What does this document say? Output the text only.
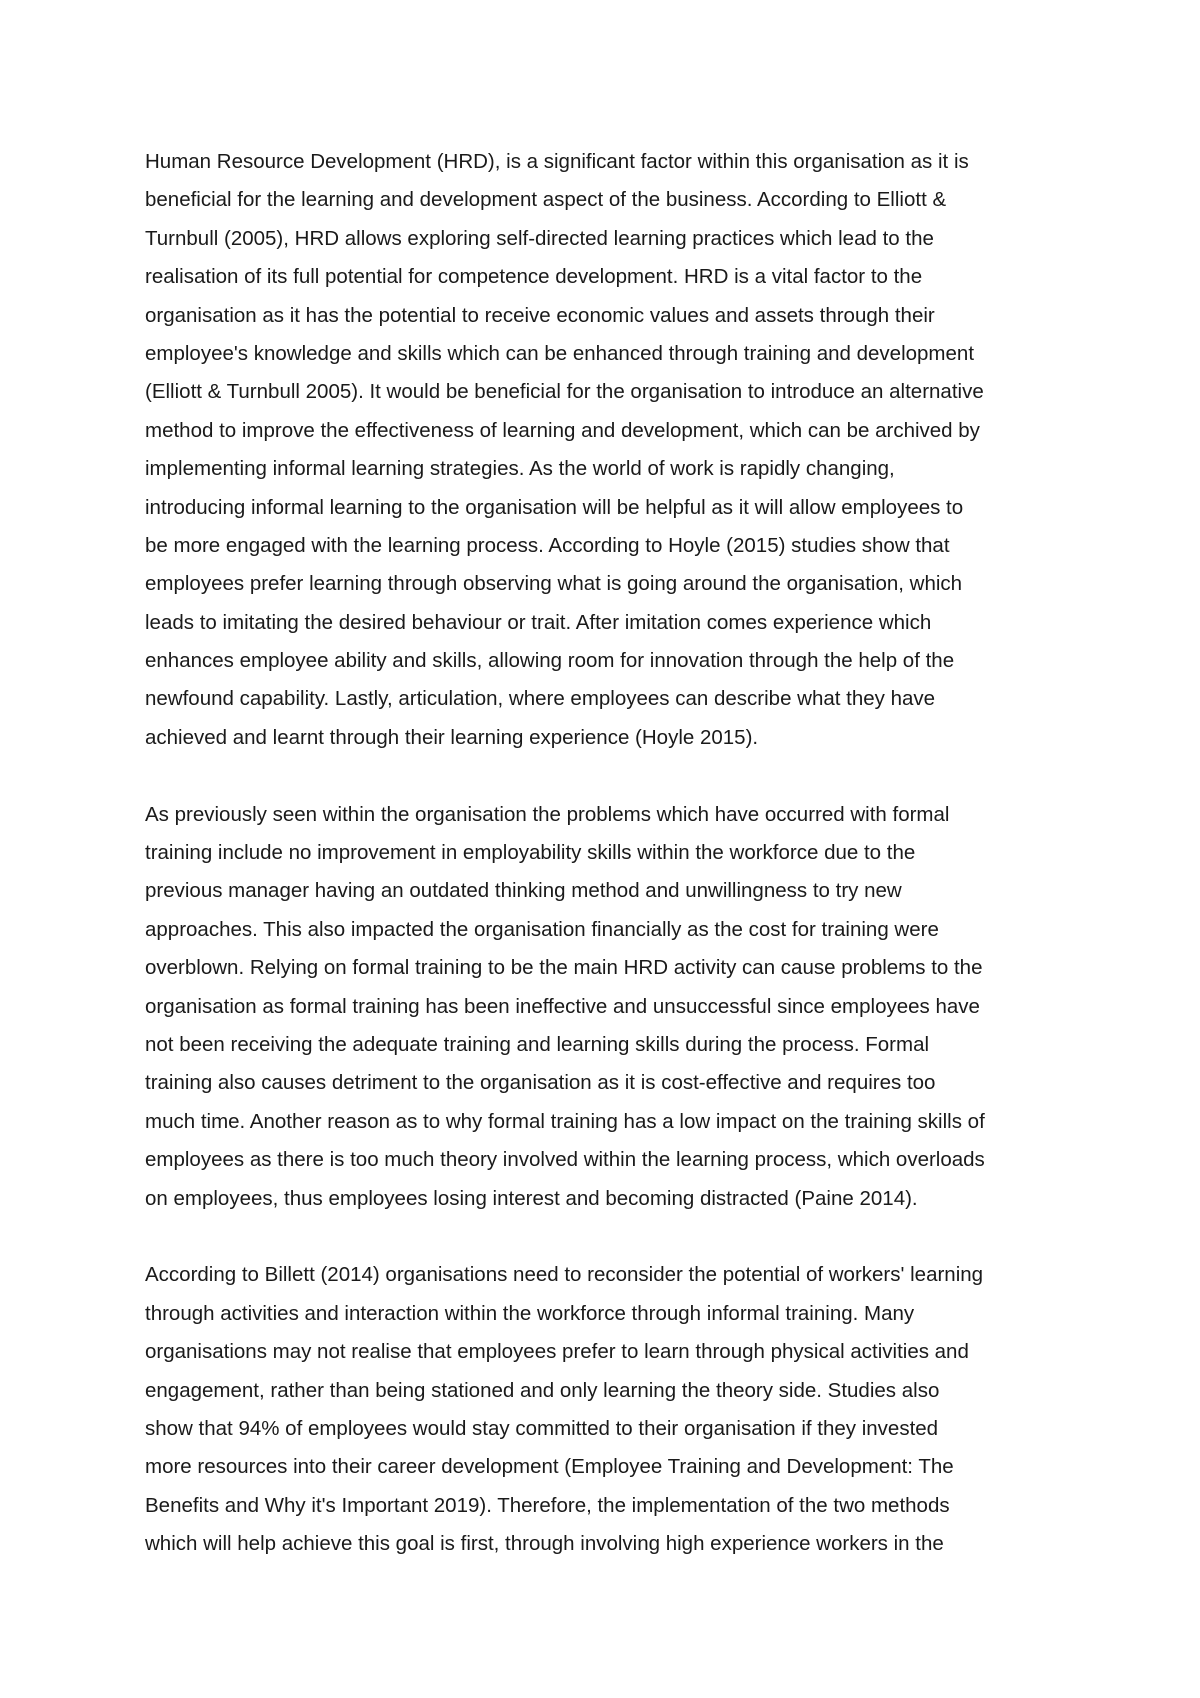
Human Resource Development (HRD), is a significant factor within this organisation as it is
beneficial for the learning and development aspect of the business. According to Elliott &
Turnbull (2005), HRD allows exploring self-directed learning practices which lead to the
realisation of its full potential for competence development. HRD is a vital factor to the
organisation as it has the potential to receive economic values and assets through their
employee's knowledge and skills which can be enhanced through training and development
(Elliott & Turnbull 2005). It would be beneficial for the organisation to introduce an alternative
method to improve the effectiveness of learning and development, which can be archived by
implementing informal learning strategies. As the world of work is rapidly changing,
introducing informal learning to the organisation will be helpful as it will allow employees to
be more engaged with the learning process. According to Hoyle (2015) studies show that
employees prefer learning through observing what is going around the organisation, which
leads to imitating the desired behaviour or trait. After imitation comes experience which
enhances employee ability and skills, allowing room for innovation through the help of the
newfound capability. Lastly, articulation, where employees can describe what they have
achieved and learnt through their learning experience (Hoyle 2015).
As previously seen within the organisation the problems which have occurred with formal
training include no improvement in employability skills within the workforce due to the
previous manager having an outdated thinking method and unwillingness to try new
approaches. This also impacted the organisation financially as the cost for training were
overblown. Relying on formal training to be the main HRD activity can cause problems to the
organisation as formal training has been ineffective and unsuccessful since employees have
not been receiving the adequate training and learning skills during the process. Formal
training also causes detriment to the organisation as it is cost-effective and requires too
much time. Another reason as to why formal training has a low impact on the training skills of
employees as there is too much theory involved within the learning process, which overloads
on employees, thus employees losing interest and becoming distracted (Paine 2014).
According to Billett (2014) organisations need to reconsider the potential of workers' learning
through activities and interaction within the workforce through informal training. Many
organisations may not realise that employees prefer to learn through physical activities and
engagement, rather than being stationed and only learning the theory side. Studies also
show that 94% of employees would stay committed to their organisation if they invested
more resources into their career development (Employee Training and Development: The
Benefits and Why it's Important 2019). Therefore, the implementation of the two methods
which will help achieve this goal is first, through involving high experience workers in the
